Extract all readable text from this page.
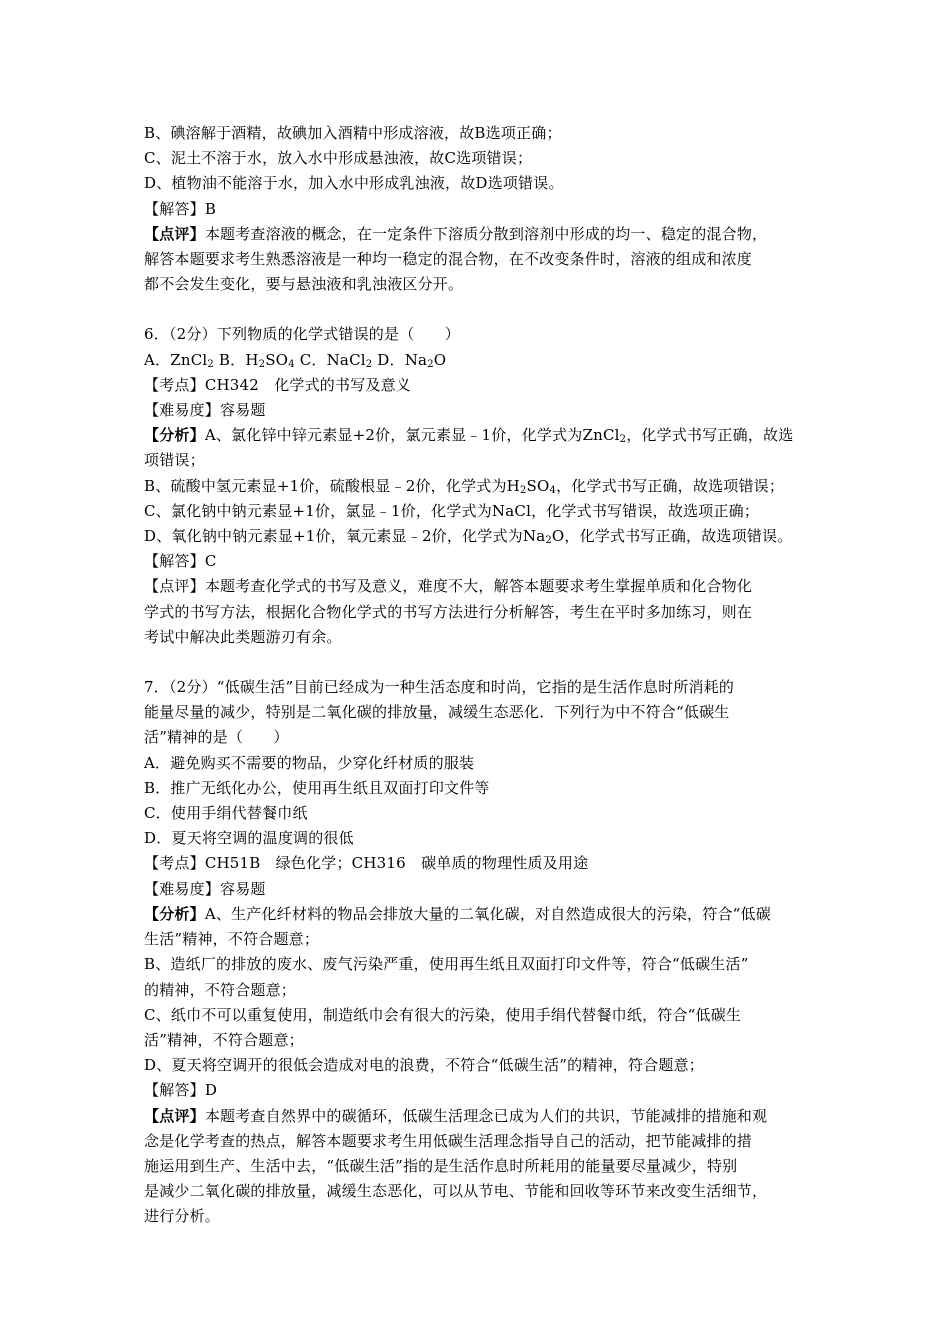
B、碘溶解于酒精，故碘加入酒精中形成溶液，故B选项正确；
C、泥土不溶于水，放入水中形成悬浊液，故C选项错误；
D、植物油不能溶于水，加入水中形成乳浊液，故D选项错误。
【解答】B
【点评】本题考查溶液的概念，在一定条件下溶质分散到溶剂中形成的均一、稳定的混合物，
解答本题要求考生熟悉溶液是一种均一稳定的混合物，在不改变条件时，溶液的组成和浓度
都不会发生变化，要与悬浊液和乳浊液区分开。
6．（2分）下列物质的化学式错误的是（　　）
A．ZnCl$_2$ B．$H_2SO_4$ C．NaCl$_2$ D．$Na_2O$
【考点】CH342　化学式的书写及意义
【难易度】容易题
【分析】A、氯化锌中锌元素显+2价，氯元素显﹣1价，化学式为ZnCl$_2$，化学式书写正确，故选
项错误；
B、硫酸中氢元素显+1价，硫酸根显﹣2价，化学式为$H_2SO_4$，化学式书写正确，故选项错误；
C、氯化钠中钠元素显+1价，氯显﹣1价，化学式为NaCl，化学式书写错误，故选项正确；
D、氧化钠中钠元素显+1价，氧元素显﹣2价，化学式为$Na_2O$，化学式书写正确，故选项错误。
【解答】C
【点评】本题考查化学式的书写及意义，难度不大，解答本题要求考生掌握单质和化合物化
学式的书写方法，根据化合物化学式的书写方法进行分析解答，考生在平时多加练习，则在
考试中解决此类题游刃有余。
7．（2分）“低碳生活”目前已经成为一种生活态度和时尚，它指的是生活作息时所消耗的
能量尽量的减少，特别是二氧化碳的排放量，减缓生态恶化．下列行为中不符合“低碳生
活”精神的是（　　）
A．避免购买不需要的物品，少穿化纤材质的服装
B．推广无纸化办公，使用再生纸且双面打印文件等
C．使用手绢代替餐巾纸
D．夏天将空调的温度调的很低
【考点】CH51B　绿色化学；CH316　碳单质的物理性质及用途
【难易度】容易题
【分析】A、生产化纤材料的物品会排放大量的二氧化碳，对自然造成很大的污染，符合“低碳
生活”精神，不符合题意；
B、造纸厂的排放的废水、废气污染严重，使用再生纸且双面打印文件等，符合“低碳生活”
的精神，不符合题意；
C、纸巾不可以重复使用，制造纸巾会有很大的污染，使用手绢代替餐巾纸，符合“低碳生
活”精神，不符合题意；
D、夏天将空调开的很低会造成对电的浪费，不符合“低碳生活”的精神，符合题意；
【解答】D
【点评】本题考查自然界中的碳循环，低碳生活理念已成为人们的共识，节能减排的措施和观
念是化学考查的热点，解答本题要求考生用低碳生活理念指导自己的活动，把节能减排的措
施运用到生产、生活中去，“低碳生活”指的是生活作息时所耗用的能量要尽量减少，特别
是减少二氧化碳的排放量，减缓生态恶化，可以从节电、节能和回收等环节来改变生活细节，
进行分析。
